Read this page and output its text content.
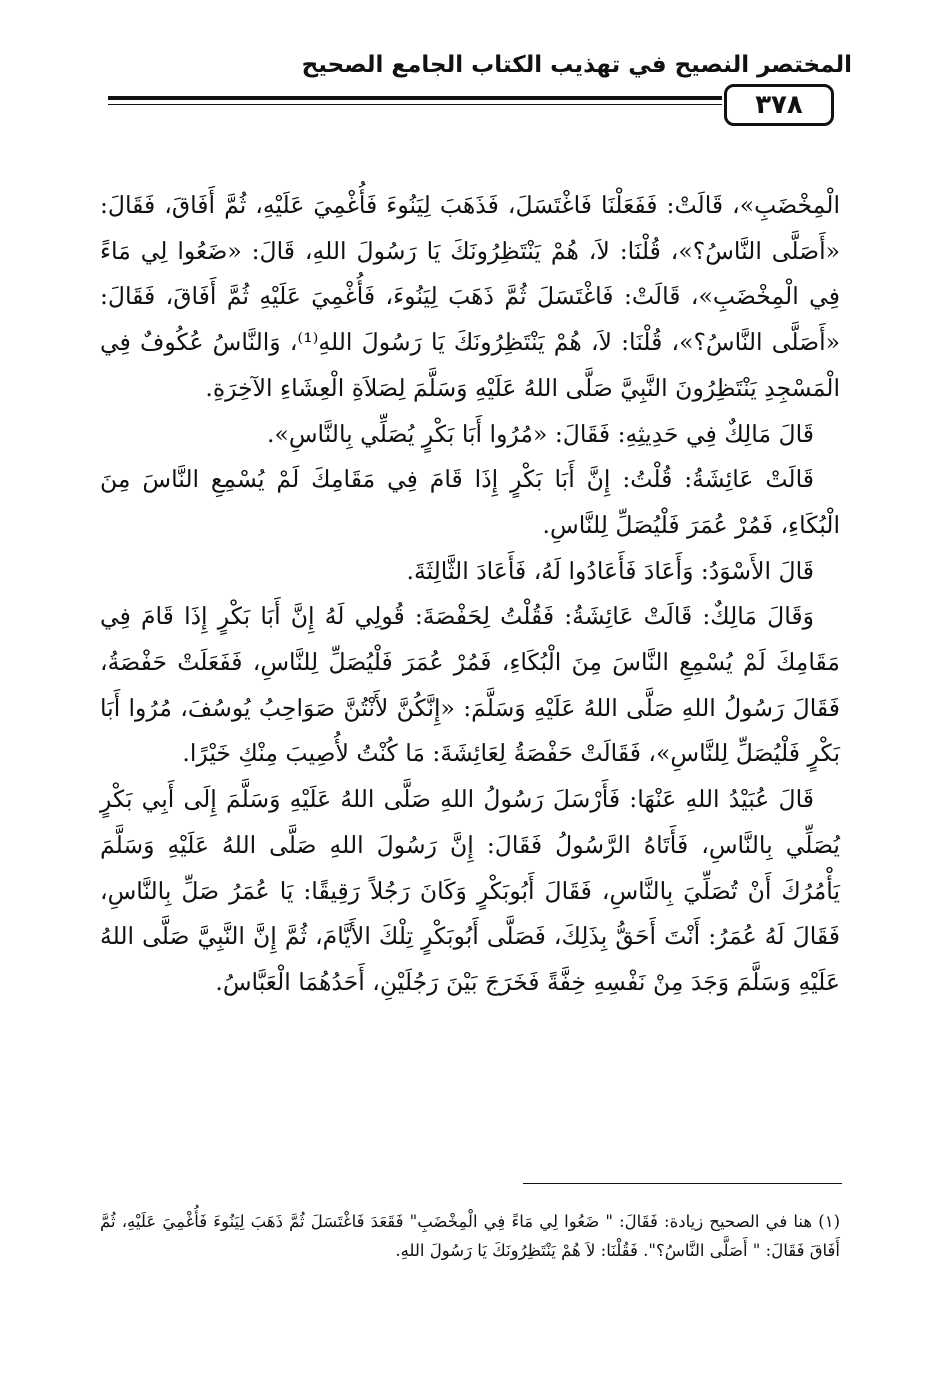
المختصر النصيح في تهذيب الكتاب الجامع الصحيح
٣٧٨

الْمِخْضَبِ»، قَالَتْ: فَفَعَلْنَا فَاغْتَسَلَ، فَذَهَبَ لِيَنُوءَ فَأُغْمِيَ عَلَيْهِ، ثُمَّ أَفَاقَ، فَقَالَ: «أَصَلَّى النَّاسُ؟»، قُلْنَا: لاَ، هُمْ يَنْتَظِرُونَكَ يَا رَسُولَ اللهِ، قَالَ: «ضَعُوا لِي مَاءً فِي الْمِخْضَبِ»، قَالَتْ: فَاغْتَسَلَ ثُمَّ ذَهَبَ لِيَنُوءَ، فَأُغْمِيَ عَلَيْهِ ثُمَّ أَفَاقَ، فَقَالَ: «أَصَلَّى النَّاسُ؟»، قُلْنَا: لاَ، هُمْ يَنْتَظِرُونَكَ يَا رَسُولَ اللهِ⁽¹⁾، وَالنَّاسُ عُكُوفٌ فِي الْمَسْجِدِ يَنْتَظِرُونَ النَّبِيَّ صَلَّى اللهُ عَلَيْهِ وَسَلَّمَ لِصَلاَةِ الْعِشَاءِ الآخِرَةِ.

قَالَ مَالِكٌ فِي حَدِيثِهِ: فَقَالَ: «مُرُوا أَبَا بَكْرٍ يُصَلِّي بِالنَّاسِ».

قَالَتْ عَائِشَةُ: قُلْتُ: إِنَّ أَبَا بَكْرٍ إِذَا قَامَ فِي مَقَامِكَ لَمْ يُسْمِعِ النَّاسَ مِنَ الْبُكَاءِ، فَمُرْ عُمَرَ فَلْيُصَلِّ لِلنَّاسِ.

قَالَ الأَسْوَدُ: وَأَعَادَ فَأَعَادُوا لَهُ، فَأَعَادَ الثَّالِثَةَ.

وَقَالَ مَالِكٌ: قَالَتْ عَائِشَةُ: فَقُلْتُ لِحَفْصَةَ: قُولِي لَهُ إِنَّ أَبَا بَكْرٍ إِذَا قَامَ فِي مَقَامِكَ لَمْ يُسْمِعِ النَّاسَ مِنَ الْبُكَاءِ، فَمُرْ عُمَرَ فَلْيُصَلِّ لِلنَّاسِ، فَفَعَلَتْ حَفْصَةُ، فَقَالَ رَسُولُ اللهِ صَلَّى اللهُ عَلَيْهِ وَسَلَّمَ: «إِنَّكُنَّ لأَنْتُنَّ صَوَاحِبُ يُوسُفَ، مُرُوا أَبَا بَكْرٍ فَلْيُصَلِّ لِلنَّاسِ»، فَقَالَتْ حَفْصَةُ لِعَائِشَةَ: مَا كُنْتُ لأُصِيبَ مِنْكِ خَيْرًا.

قَالَ عُبَيْدُ اللهِ عَنْهَا: فَأَرْسَلَ رَسُولُ اللهِ صَلَّى اللهُ عَلَيْهِ وَسَلَّمَ إِلَى أَبِي بَكْرٍ يُصَلِّي بِالنَّاسِ، فَأَتَاهُ الرَّسُولُ فَقَالَ: إِنَّ رَسُولَ اللهِ صَلَّى اللهُ عَلَيْهِ وَسَلَّمَ يَأْمُرُكَ أَنْ تُصَلِّيَ بِالنَّاسِ، فَقَالَ أَبُوبَكْرٍ وَكَانَ رَجُلاً رَقِيقًا: يَا عُمَرُ صَلِّ بِالنَّاسِ، فَقَالَ لَهُ عُمَرُ: أَنْتَ أَحَقُّ بِذَلِكَ، فَصَلَّى أَبُوبَكْرٍ تِلْكَ الأَيَّامَ، ثُمَّ إِنَّ النَّبِيَّ صَلَّى اللهُ عَلَيْهِ وَسَلَّمَ وَجَدَ مِنْ نَفْسِهِ خِفَّةً فَخَرَجَ بَيْنَ رَجُلَيْنِ، أَحَدُهُمَا الْعَبَّاسُ.

(١) هنا في الصحيح زيادة: فَقَالَ: " ضَعُوا لِي مَاءً فِي الْمِخْضَبِ" فَقَعَدَ فَاغْتَسَلَ ثُمَّ ذَهَبَ لِيَنُوءَ فَأُغْمِيَ عَلَيْهِ، ثُمَّ أَفَاقَ فَقَالَ: " أَصَلَّى النَّاسُ؟". فَقُلْنَا: لاَ هُمْ يَنْتَظِرُونَكَ يَا رَسُولَ اللهِ.
